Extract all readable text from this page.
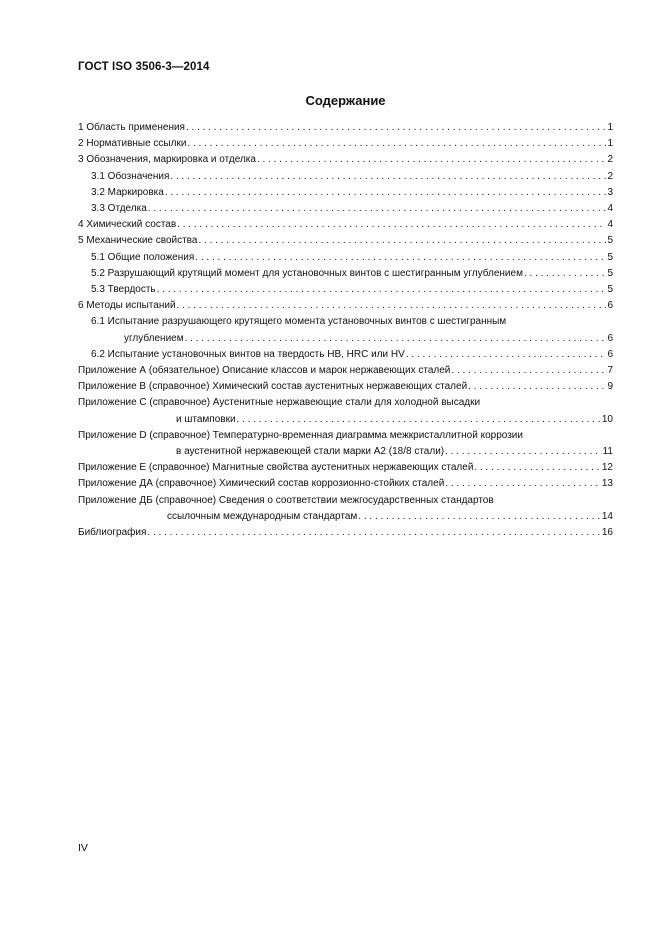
ГОСТ ISO 3506-3—2014
Содержание
1 Область применения . . .	1
2 Нормативные ссылки . . .	1
3 Обозначения, маркировка и отделка . . .	2
3.1 Обозначения . . .	2
3.2 Маркировка . . .	3
3.3 Отделка . . .	4
4 Химический состав . . .	4
5 Механические свойства . . .	5
5.1 Общие положения . . .	5
5.2 Разрушающий крутящий момент для установочных винтов с шестигранным углублением . . .	5
5.3 Твердость . . .	5
6 Методы испытаний . . .	6
6.1 Испытание разрушающего крутящего момента установочных винтов с шестигранным
углублением . . .	6
6.2 Испытание установочных винтов на твердость HB, HRC или HV . . .	6
Приложение А (обязательное) Описание классов и марок нержавеющих сталей . . .	7
Приложение В (справочное) Химический состав аустенитных нержавеющих сталей . . .	9
Приложение С (справочное) Аустенитные нержавеющие стали для холодной высадки
и штамповки . . .	10
Приложение D (справочное) Температурно-временная диаграмма межкристаллитной коррозии
в аустенитной нержавеющей стали марки А2 (18/8 стали) . . .	11
Приложение Е (справочное) Магнитные свойства аустенитных нержавеющих сталей . . .	12
Приложение ДА (справочное) Химический состав коррозионно-стойких сталей . . .	13
Приложение ДБ (справочное) Сведения о соответствии межгосударственных стандартов
ссылочным международным стандартам . . .	14
Библиография . . .	16
IV
